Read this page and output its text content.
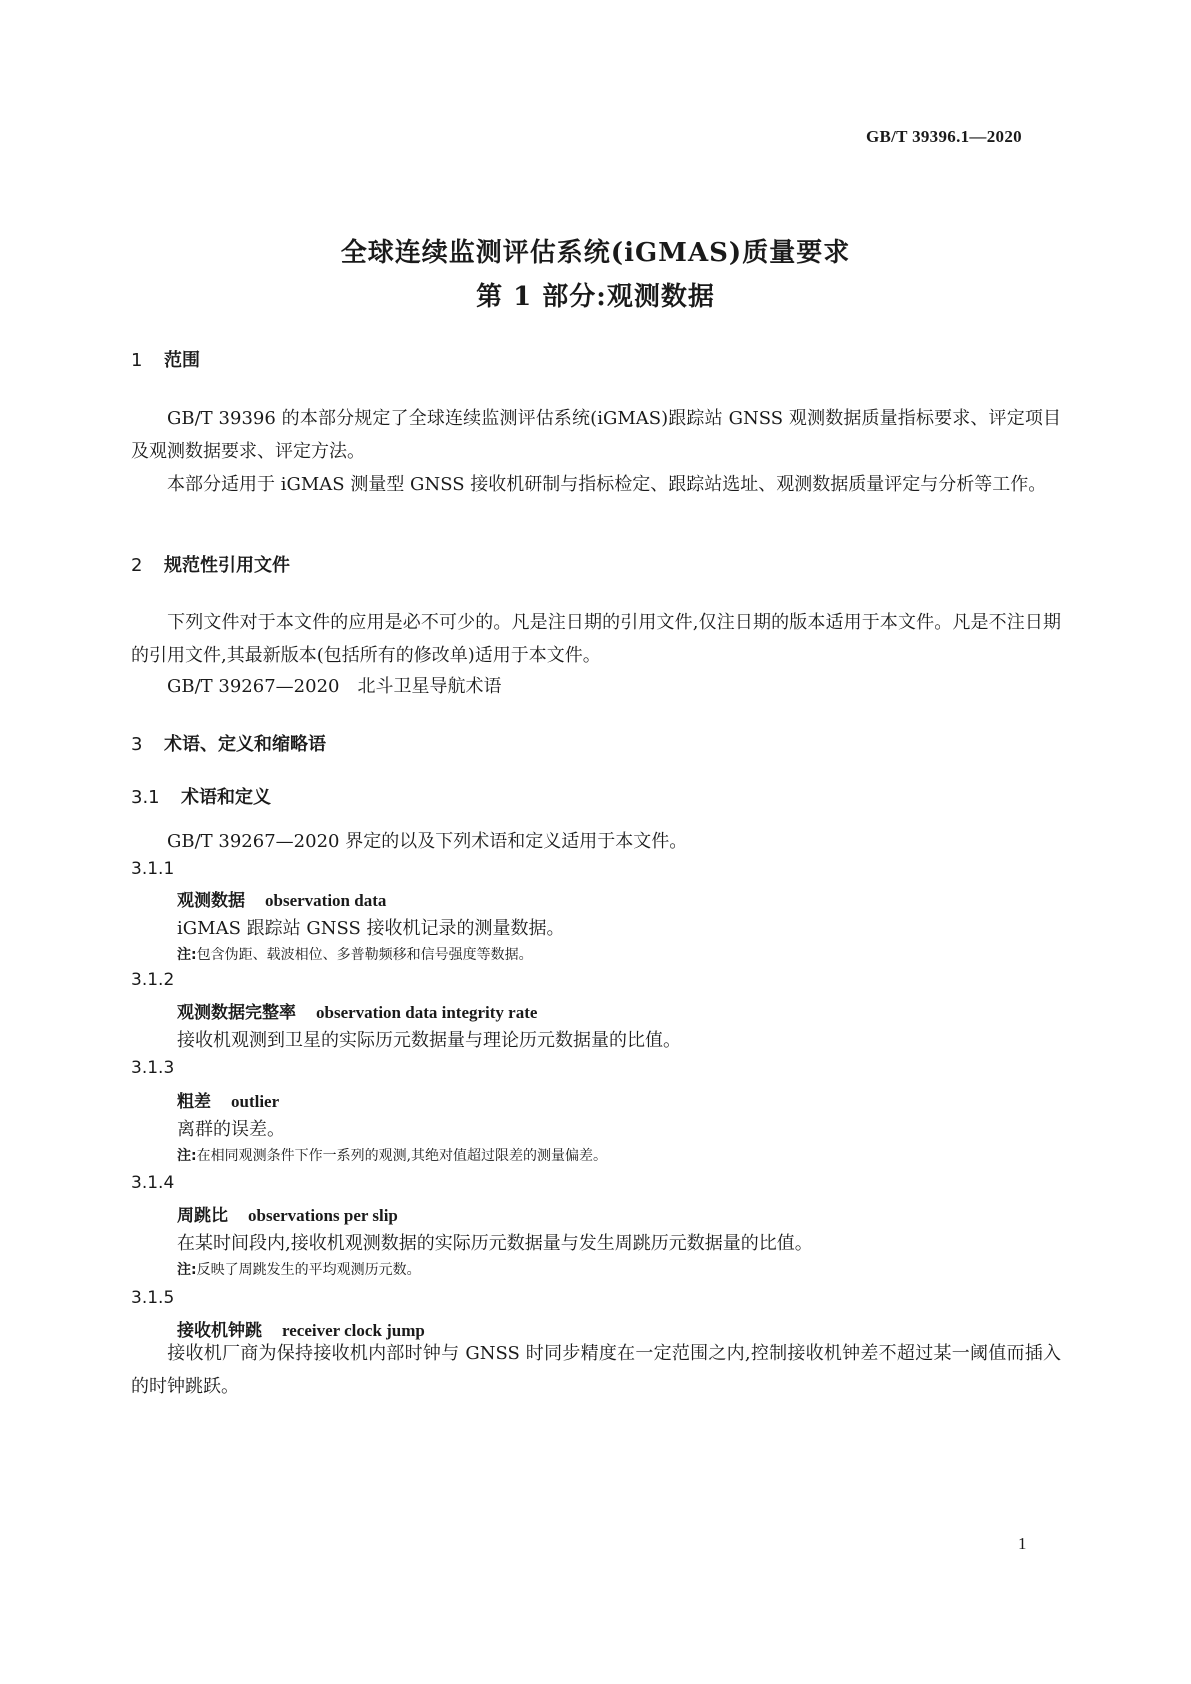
GB/T 39396.1—2020
全球连续监测评估系统(iGMAS)质量要求
第 1 部分:观测数据
1 范围
GB/T 39396 的本部分规定了全球连续监测评估系统(iGMAS)跟踪站 GNSS 观测数据质量指标要求、评定项目及观测数据要求、评定方法。
本部分适用于 iGMAS 测量型 GNSS 接收机研制与指标检定、跟踪站选址、观测数据质量评定与分析等工作。
2 规范性引用文件
下列文件对于本文件的应用是必不可少的。凡是注日期的引用文件,仅注日期的版本适用于本文件。凡是不注日期的引用文件,其最新版本(包括所有的修改单)适用于本文件。
GB/T 39267—2020　北斗卫星导航术语
3 术语、定义和缩略语
3.1 术语和定义
GB/T 39267—2020 界定的以及下列术语和定义适用于本文件。
3.1.1
观测数据 observation data
iGMAS 跟踪站 GNSS 接收机记录的测量数据。
注:包含伪距、载波相位、多普勒频移和信号强度等数据。
3.1.2
观测数据完整率 observation data integrity rate
接收机观测到卫星的实际历元数据量与理论历元数据量的比值。
3.1.3
粗差 outlier
离群的误差。
注:在相同观测条件下作一系列的观测,其绝对值超过限差的测量偏差。
3.1.4
周跳比 observations per slip
在某时间段内,接收机观测数据的实际历元数据量与发生周跳历元数据量的比值。
注:反映了周跳发生的平均观测历元数。
3.1.5
接收机钟跳 receiver clock jump
接收机厂商为保持接收机内部时钟与 GNSS 时同步精度在一定范围之内,控制接收机钟差不超过某一阈值而插入的时钟跳跃。
1
